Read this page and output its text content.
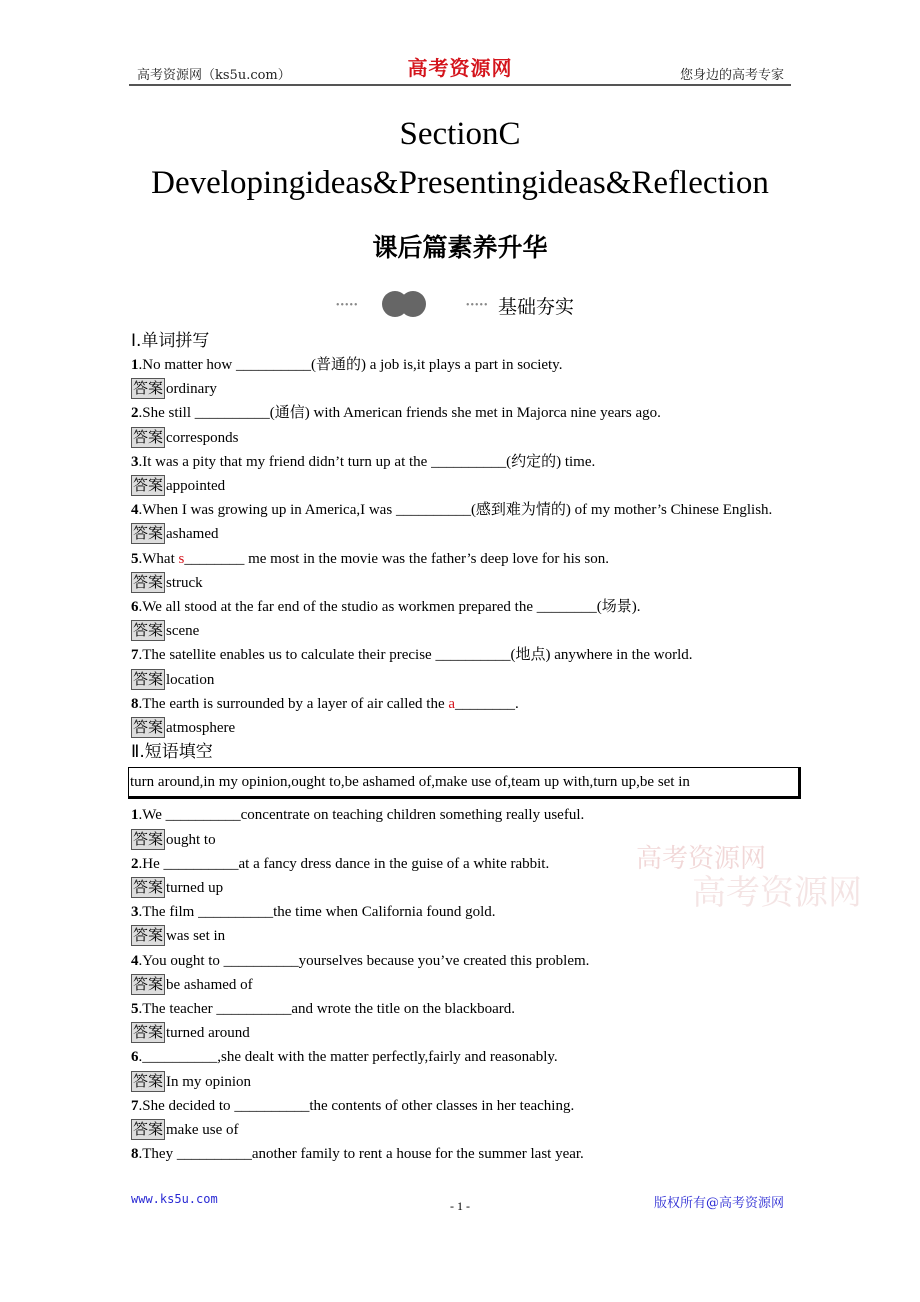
高考资源网（ks5u.com）	高考资源网	您身边的高考专家
SectionC
Developingideas&Presentingideas&Reflection
课后篇素养升华
•••••	••••• 基础夯实
Ⅰ.单词拼写
1.No matter how __________(普通的) a job is,it plays a part in society.
答案 ordinary
2.She still __________(通信) with American friends she met in Majorca nine years ago.
答案 corresponds
3.It was a pity that my friend didn’t turn up at the __________(约定的) time.
答案 appointed
4.When I was growing up in America,I was __________(感到难为情的) of my mother’s Chinese English.
答案 ashamed
5.What s________ me most in the movie was the father’s deep love for his son.
答案 struck
6.We all stood at the far end of the studio as workmen prepared the ________(场景).
答案 scene
7.The satellite enables us to calculate their precise __________(地点) anywhere in the world.
答案 location
8.The earth is surrounded by a layer of air called the a________.
答案 atmosphere
Ⅱ.短语填空
turn around,in my opinion,ought to,be ashamed of,make use of,team up with,turn up,be set in
1.We __________concentrate on teaching children something really useful.
答案 ought to
2.He __________at a fancy dress dance in the guise of a white rabbit.
答案 turned up
3.The film __________the time when California found gold.
答案 was set in
4.You ought to __________yourselves because you’ve created this problem.
答案 be ashamed of
5.The teacher __________and wrote the title on the blackboard.
答案 turned around
6.__________,she dealt with the matter perfectly,fairly and reasonably.
答案 In my opinion
7.She decided to __________the contents of other classes in her teaching.
答案 make use of
8.They __________another family to rent a house for the summer last year.
高考资源网
高考资源网
www.ks5u.com	- 1 -	版权所有@高考资源网
